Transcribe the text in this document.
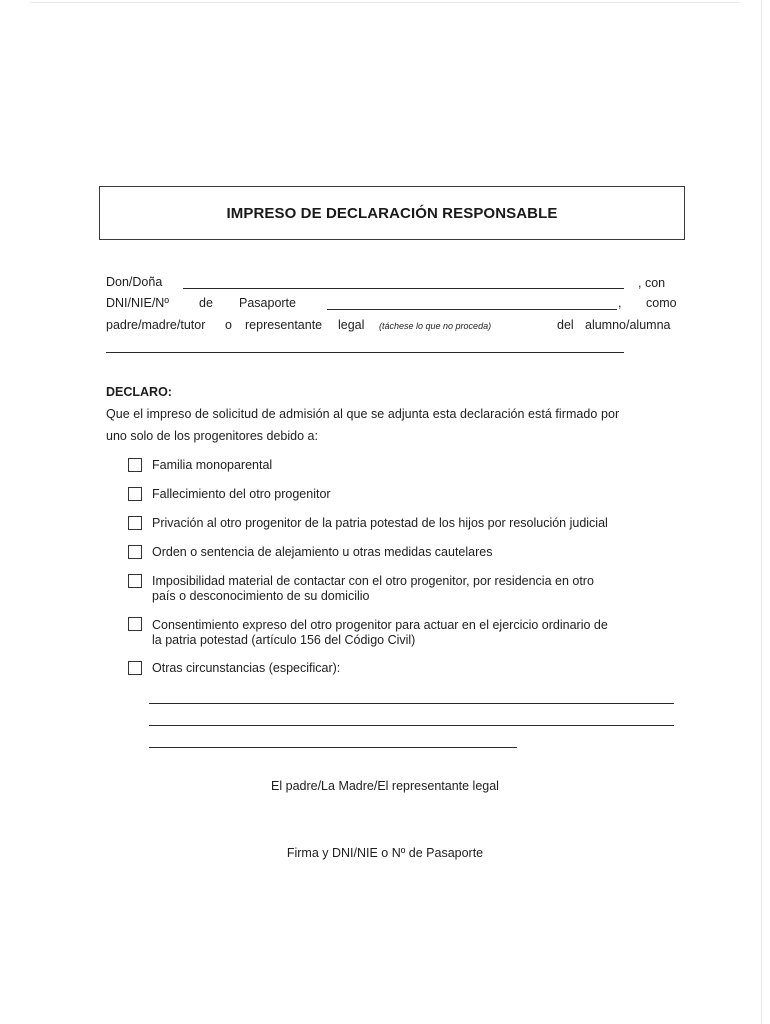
IMPRESO DE DECLARACIÓN RESPONSABLE
Don/Doña	, con
DNI/NIE/Nº de Pasaporte	, como
padre/madre/tutor o representante legal (táchese lo que no proceda)	del alumno/alumna
DECLARO:
Que el impreso de solicitud de admisión al que se adjunta esta declaración está firmado por
uno solo de los progenitores debido a:
Familia monoparental
Fallecimiento del otro progenitor
Privación al otro progenitor de la patria potestad de los hijos por resolución judicial
Orden o sentencia de alejamiento u otras medidas cautelares
Imposibilidad material de contactar con el otro progenitor, por residencia en otro
país o desconocimiento de su domicilio
Consentimiento expreso del otro progenitor para actuar en el ejercicio ordinario de
la patria potestad (artículo 156 del Código Civil)
Otras circunstancias (especificar):
El padre/La Madre/El representante legal
Firma y DNI/NIE o Nº de Pasaporte
